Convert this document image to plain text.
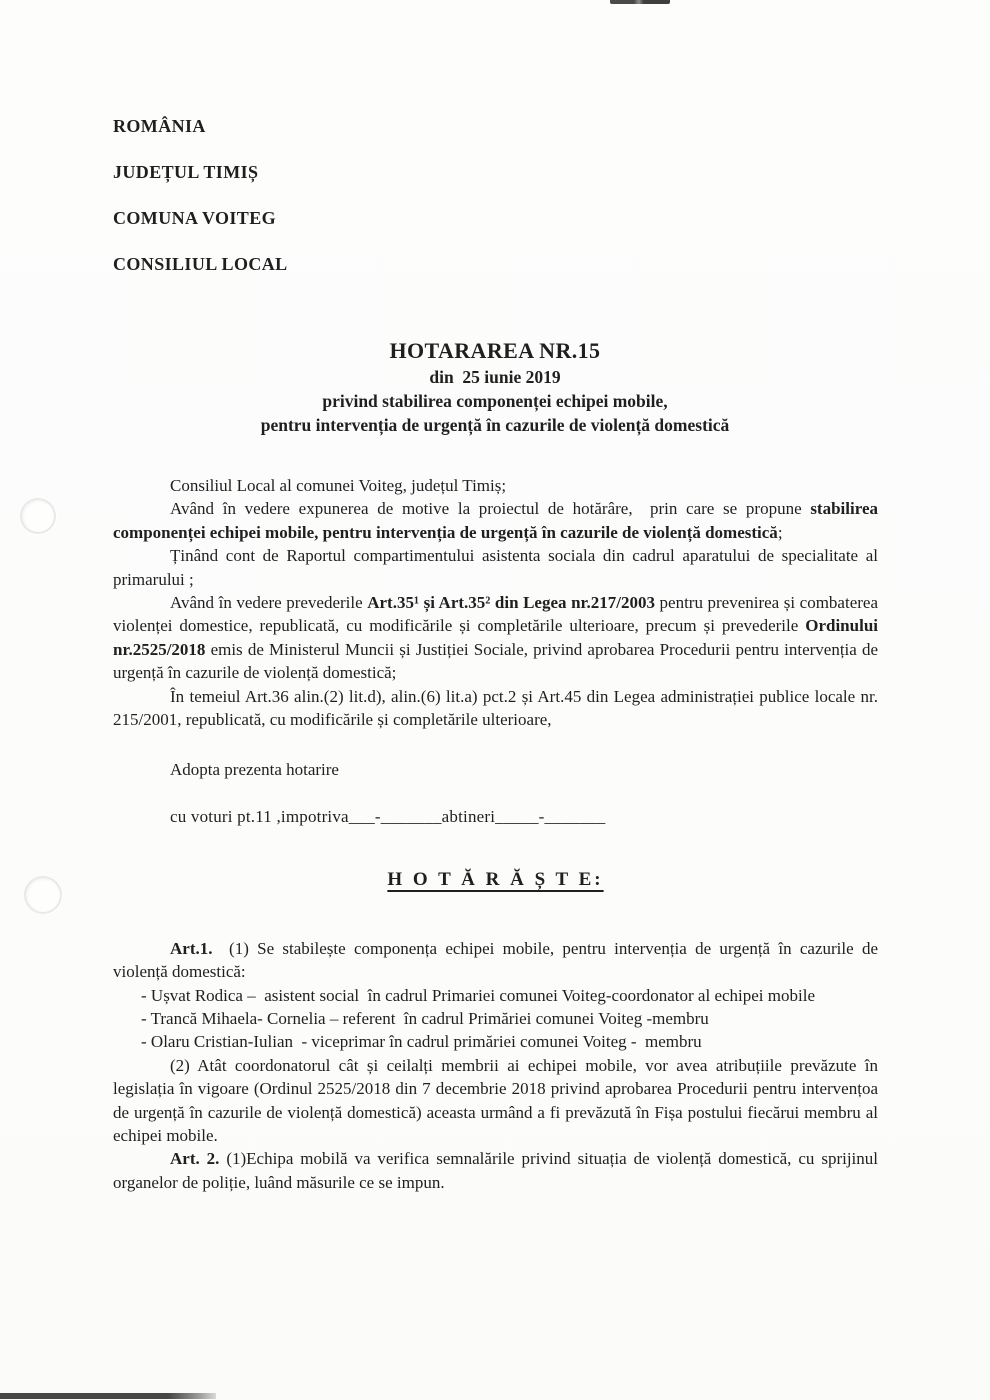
ROMÂNIA
JUDEȚUL TIMIȘ
COMUNA VOITEG
CONSILIUL LOCAL
HOTARAREA NR.15
din  25 iunie 2019
privind stabilirea componenței echipei mobile,
pentru intervenția de urgență în cazurile de violență domestică

Consiliul Local al comunei Voiteg, județul Timiș;

Având în vedere expunerea de motive la proiectul de hotărâre,  prin care se propune stabilirea componenței echipei mobile, pentru intervenția de urgență în cazurile de violență domestică;

Ținând cont de Raportul compartimentului asistenta sociala din cadrul aparatului de specialitate al primarului ;

Având în vedere prevederile Art.35¹ și Art.35² din Legea nr.217/2003 pentru prevenirea și combaterea violenței domestice, republicată, cu modificările și completările ulterioare, precum și prevederile Ordinului nr.2525/2018 emis de Ministerul Muncii și Justiției Sociale, privind aprobarea Procedurii pentru intervenția de urgență în cazurile de violență domestică;

În temeiul Art.36 alin.(2) lit.d), alin.(6) lit.a) pct.2 și Art.45 din Legea administrației publice locale nr. 215/2001, republicată, cu modificările și completările ulterioare,

Adopta prezenta hotarire

cu voturi pt.11 ,impotriva___-_______abtineri_____-_______

H O T Ă R Ă Ș T E:

Art.1.  (1) Se stabilește componența echipei mobile, pentru intervenția de urgență în cazurile de violență domestică:

- Ușvat Rodica –  asistent social  în cadrul Primariei comunei Voiteg-coordonator al echipei mobile

- Trancă Mihaela- Cornelia – referent  în cadrul Primăriei comunei Voiteg -membru

- Olaru Cristian-Iulian  - viceprimar în cadrul primăriei comunei Voiteg -  membru

(2) Atât coordonatorul cât și ceilalți membrii ai echipei mobile, vor avea atribuțiile prevăzute în legislația în vigoare (Ordinul 2525/2018 din 7 decembrie 2018 privind aprobarea Procedurii pentru intervențoa de urgență în cazurile de violență domestică) aceasta urmând a fi prevăzută în Fișa postului fiecărui membru al echipei mobile.

Art. 2. (1)Echipa mobilă va verifica semnalările privind situația de violență domestică, cu sprijinul organelor de poliție, luând măsurile ce se impun.
